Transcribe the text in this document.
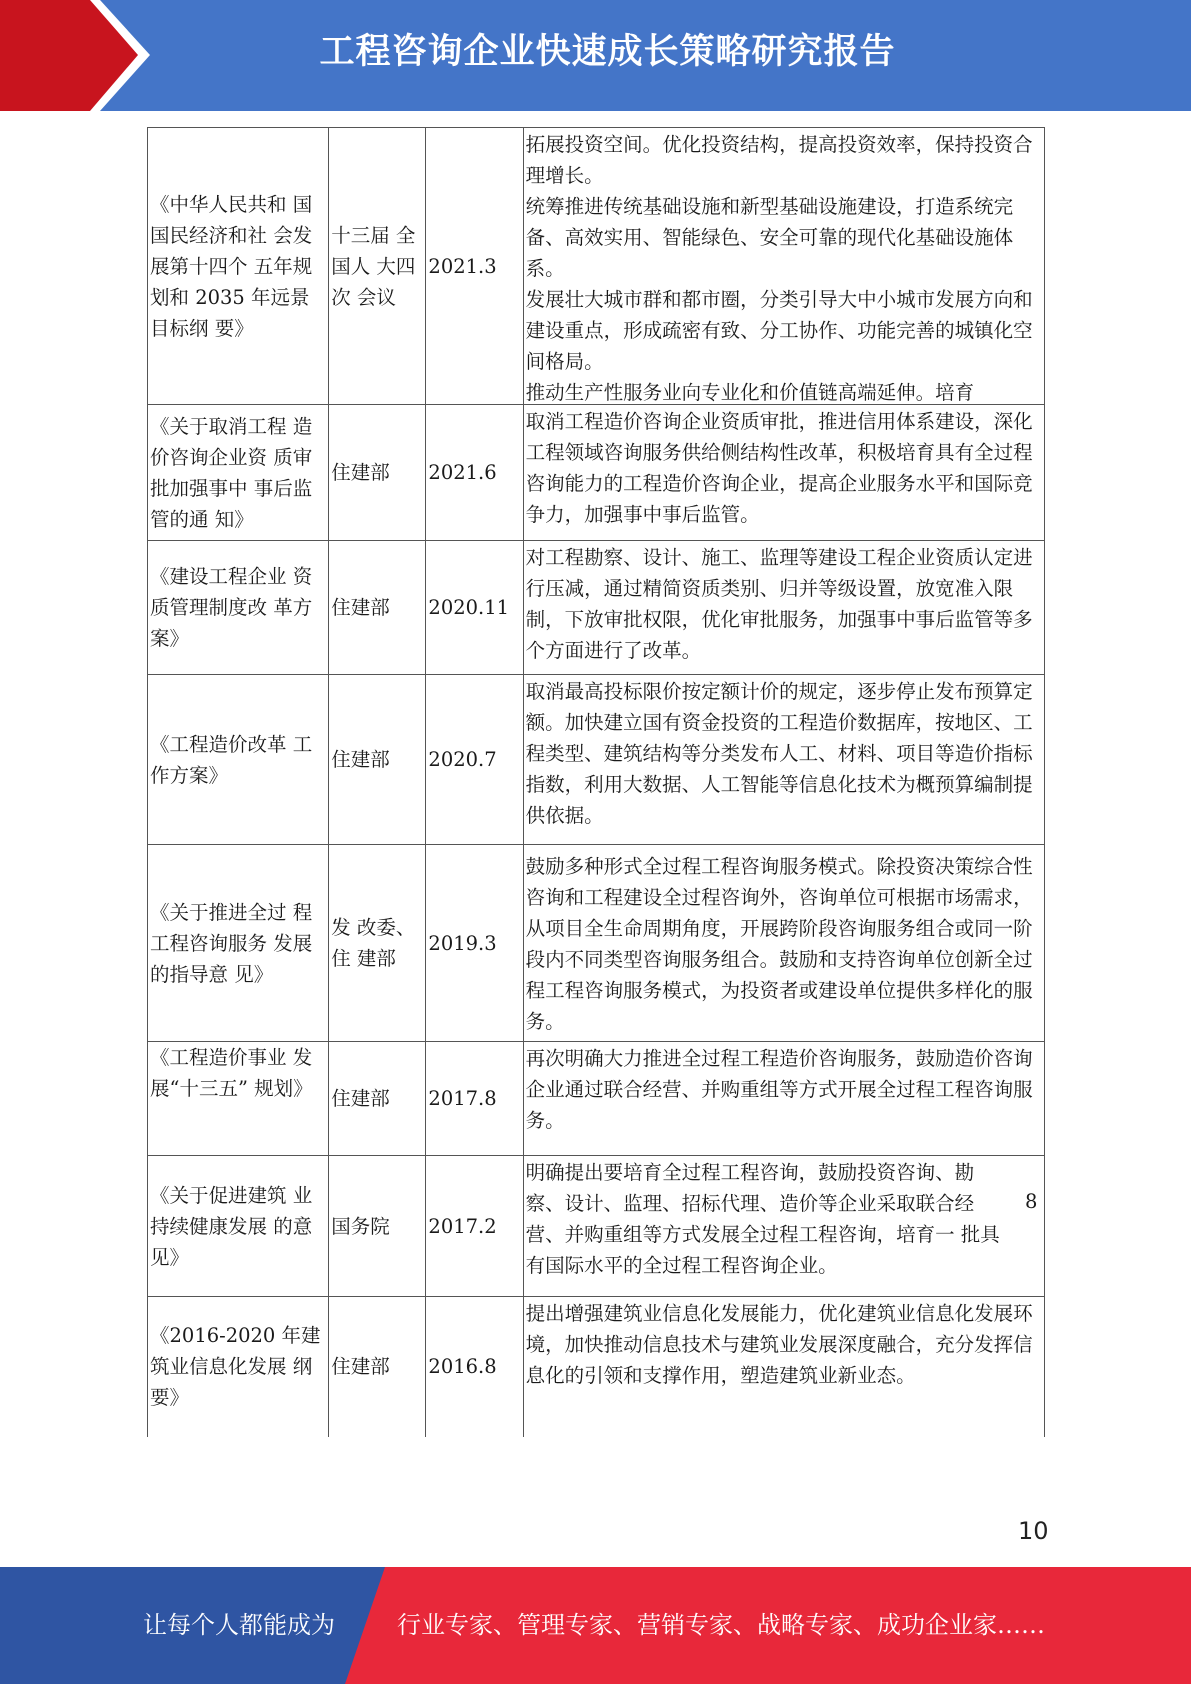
工程咨询企业快速成长策略研究报告
《中华人民共和 国国民经济和社 会发展第十四个 五年规划和 2035 年远景目标纲 要》	十三届 全国人 大四次 会议	2021.3	拓展投资空间。优化投资结构，提高投资效率，保持投资合理增长。

统筹推进传统基础设施和新型基础设施建设，打造系统完备、高效实用、智能绿色、安全可靠的现代化基础设施体系。

发展壮大城市群和都市圈，分类引导大中小城市发展方向和建设重点，形成疏密有致、分工协作、功能完善的城镇化空间格局。

推动生产性服务业向专业化和价值链高端延伸。培育

《关于取消工程 造价咨询企业资 质审批加强事中 事后监管的通 知》	住建部	2021.6	取消工程造价咨询企业资质审批，推进信用体系建设，深化工程领域咨询服务供给侧结构性改革，积极培育具有全过程咨询能力的工程造价咨询企业，提高企业服务水平和国际竞争力，加强事中事后监管。

《建设工程企业 资质管理制度改 革方案》	住建部	2020.11	对工程勘察、设计、施工、监理等建设工程企业资质认定进行压减，通过精简资质类别、归并等级设置，放宽准入限制，下放审批权限，优化审批服务，加强事中事后监管等多个方面进行了改革。

《工程造价改革 工作方案》	住建部	2020.7	取消最高投标限价按定额计价的规定，逐步停止发布预算定额。加快建立国有资金投资的工程造价数据库，按地区、工程类型、建筑结构等分类发布人工、材料、项目等造价指标指数，利用大数据、人工智能等信息化技术为概预算编制提供依据。

《关于推进全过 程工程咨询服务 发展的指导意 见》	发 改委、住 建部	2019.3	鼓励多种形式全过程工程咨询服务模式。除投资决策综合性咨询和工程建设全过程咨询外，咨询单位可根据市场需求，从项目全生命周期角度，开展跨阶段咨询服务组合或同一阶段内不同类型咨询服务组合。鼓励和支持咨询单位创新全过程工程咨询服务模式，为投资者或建设单位提供多样化的服务。

《工程造价事业 发展“十三五” 规划》	住建部	2017.8	再次明确大力推进全过程工程造价咨询服务，鼓励造价咨询企业通过联合经营、并购重组等方式开展全过程工程咨询服务。

《关于促进建筑 业持续健康发展 的意见》	国务院	2017.2	明确提出要培育全过程工程咨询，鼓励投资咨询、勘察、设计、监理、招标代理、造价等企业采取联合经营、并购重组等方式发展全过程工程咨询，培育一 批具有国际水平的全过程工程咨询企业。

《2016-2020 年建筑业信息化发展 纲要》	住建部	2016.8	提出增强建筑业信息化发展能力，优化建筑业信息化发展环境，加快推动信息技术与建筑业发展深度融合，充分发挥信息化的引领和支撑作用，塑造建筑业新业态。

8
10
让每个人都能成为	行业专家、管理专家、营销专家、战略专家、成功企业家……
